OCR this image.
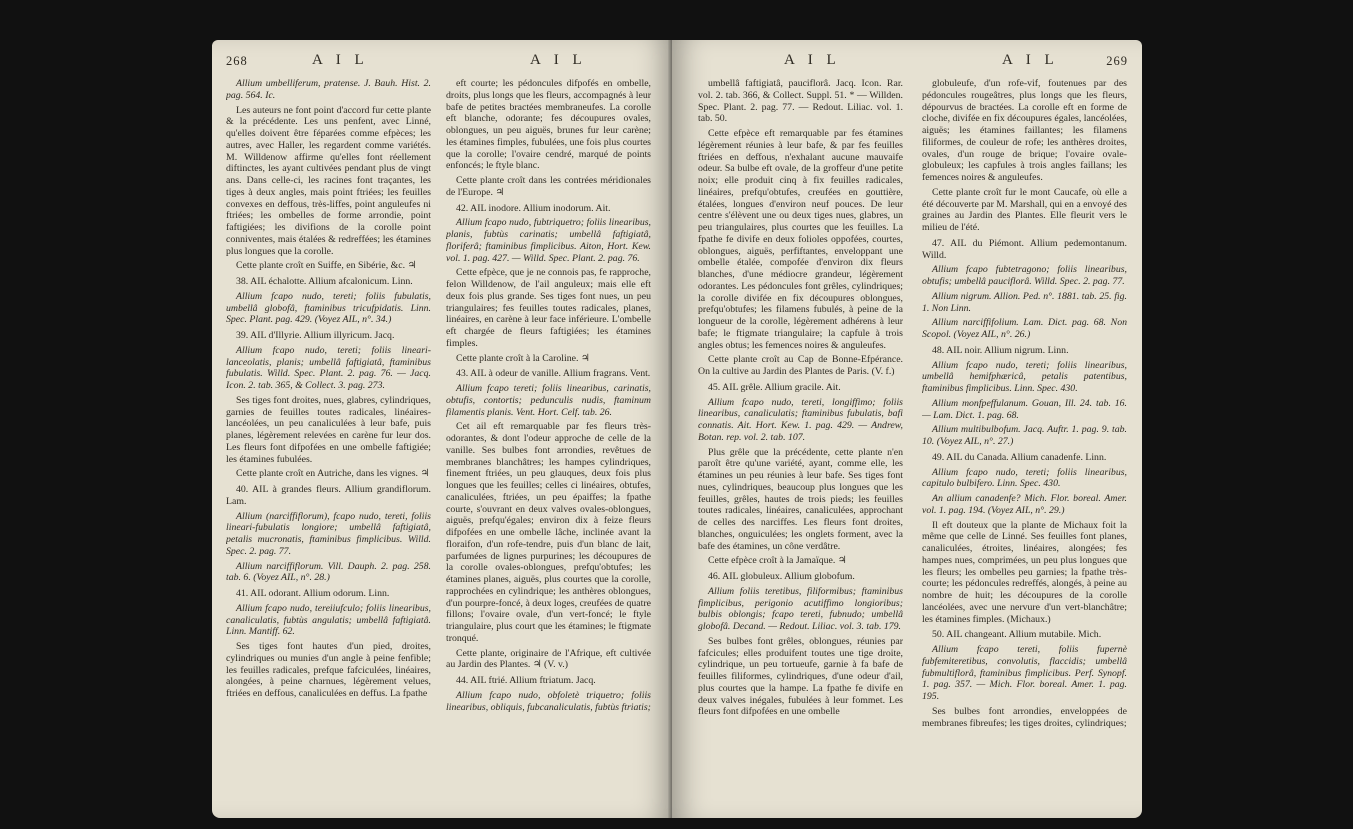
268	A I L	A I L

Allium umbelliferum, pratense. J. Bauh. Hist. 2. pag. 564. Ic.

Les auteurs ne font point d'accord fur cette plante & la précédente. Les uns penfent, avec Linné, qu'elles doivent être féparées comme efpèces; les autres, avec Haller, les regardent comme variétés. M. Willdenow affirme qu'elles font réellement diftinctes, les ayant cultivées pendant plus de vingt ans. Dans celle-ci, les racines font traçantes, les tiges à deux angles, mais point ftriées; les feuilles convexes en deffous, très-liffes, point anguleufes ni ftriées; les ombelles de forme arrondie, point faftigiées; les divifions de la corolle point conniventes, mais étalées & redreffées; les étamines plus longues que la corolle.

Cette plante croît en Suiffe, en Sibérie, &c. ♃

38. AIL échalotte. Allium afcalonicum. Linn.

Allium fcapo nudo, tereti; foliis fubulatis, umbellâ globofâ, ftaminibus tricufpidatis. Linn. Spec. Plant. pag. 429. (Voyez AIL, n°. 34.)

39. AIL d'Illyrie. Allium illyricum. Jacq.

Allium fcapo nudo, tereti; foliis lineari-lanceolatis, planis; umbellâ faftigiatâ, ftaminibus fubulatis. Willd. Spec. Plant. 2. pag. 76. — Jacq. Icon. 2. tab. 365, & Collect. 3. pag. 273.

Ses tiges font droites, nues, glabres, cylindriques, garnies de feuilles toutes radicales, linéaires-lancéolées, un peu canaliculées à leur bafe, puis planes, légèrement relevées en carène fur leur dos. Les fleurs font difpofées en une ombelle faftigiée; les étamines fubulées.

Cette plante croît en Autriche, dans les vignes. ♃

40. AIL à grandes fleurs. Allium grandiflorum. Lam.

Allium (narciffiflorum), fcapo nudo, tereti, foliis lineari-fubulatis longiore; umbellâ faftigiatâ, petalis mucronatis, ftaminibus fimplicibus. Willd. Spec. 2. pag. 77.

Allium narciffiflorum. Vill. Dauph. 2. pag. 258. tab. 6. (Voyez AIL, n°. 28.)

41. AIL odorant. Allium odorum. Linn.

Allium fcapo nudo, tereiiufculo; foliis linearibus, canaliculatis, fubtùs angulatis; umbellâ faftigiatâ. Linn. Mantiff. 62.

Ses tiges font hautes d'un pied, droites, cylindriques ou munies d'un angle à peine fenfible; les feuilles radicales, prefque fafciculées, linéaires, alongées, à peine charnues, légèrement velues, ftriées en deffous, canaliculées en deffus. La fpathe

eft courte; les pédoncules difpofés en ombelle, droits, plus longs que les fleurs, accompagnés à leur bafe de petites bractées membraneufes. La corolle eft blanche, odorante; fes découpures ovales, oblongues, un peu aiguës, brunes fur leur carène; les étamines fimples, fubulées, une fois plus courtes que la corolle; l'ovaire cendré, marqué de points enfoncés; le ftyle blanc.

Cette plante croît dans les contrées méridionales de l'Europe. ♃

42. AIL inodore. Allium inodorum. Ait.

Allium fcapo nudo, fubtriquetro; foliis linearibus, planis, fubtùs carinatis; umbellâ faftigiatâ, floriferâ; ftaminibus fimplicibus. Aiton, Hort. Kew. vol. 1. pag. 427. — Willd. Spec. Plant. 2. pag. 76.

Cette efpèce, que je ne connois pas, fe rapproche, felon Willdenow, de l'ail anguleux; mais elle eft deux fois plus grande. Ses tiges font nues, un peu triangulaires; fes feuilles toutes radicales, planes, linéaires, en carène à leur face inférieure. L'ombelle eft chargée de fleurs faftigiées; les étamines fimples.

Cette plante croît à la Caroline. ♃

43. AIL à odeur de vanille. Allium fragrans. Vent.

Allium fcapo tereti; foliis linearibus, carinatis, obtufis, contortis; pedunculis nudis, ftaminum filamentis planis. Vent. Hort. Celf. tab. 26.

Cet ail eft remarquable par fes fleurs très-odorantes, & dont l'odeur approche de celle de la vanille. Ses bulbes font arrondies, revêtues de membranes blanchâtres; les hampes cylindriques, finement ftriées, un peu glauques, deux fois plus longues que les feuilles; celles ci linéaires, obtufes, canaliculées, ftriées, un peu épaiffes; la fpathe courte, s'ouvrant en deux valves ovales-oblongues, aiguës, prefqu'égales; environ dix à feize fleurs difpofées en une ombelle lâche, inclinée avant la floraifon, d'un rofe-tendre, puis d'un blanc de lait, parfumées de lignes purpurines; les découpures de la corolle ovales-oblongues, prefqu'obtufes; les étamines planes, aiguës, plus courtes que la corolle, rapprochées en cylindrique; les anthères oblongues, d'un pourpre-foncé, à deux loges, creufées de quatre fillons; l'ovaire ovale, d'un vert-foncé; le ftyle triangulaire, plus court que les étamines; le ftigmate tronqué.

Cette plante, originaire de l'Afrique, eft cultivée au Jardin des Plantes. ♃ (V. v.)

44. AIL ftrié. Allium ftriatum. Jacq.

Allium fcapo nudo, obfoletè triquetro; foliis linearibus, obliquis, fubcanaliculatis, fubtùs ftriatis;

A I L	A I L	269

umbellâ faftigiatâ, pauciflorâ. Jacq. Icon. Rar. vol. 2. tab. 366, & Collect. Suppl. 51. * — Willden. Spec. Plant. 2. pag. 77. — Redout. Liliac. vol. 1. tab. 50.

Cette efpèce eft remarquable par fes étamines légèrement réunies à leur bafe, & par fes feuilles ftriées en deffous, n'exhalant aucune mauvaife odeur. Sa bulbe eft ovale, de la groffeur d'une petite noix; elle produit cinq à fix feuilles radicales, linéaires, prefqu'obtufes, creufées en gouttière, étalées, longues d'environ neuf pouces. De leur centre s'élèvent une ou deux tiges nues, glabres, un peu triangulaires, plus courtes que les feuilles. La fpathe fe divife en deux folioles oppofées, courtes, oblongues, aiguës, perfiftantes, enveloppant une ombelle étalée, compofée d'environ dix fleurs blanches, d'une médiocre grandeur, légèrement odorantes. Les pédoncules font grêles, cylindriques; la corolle divifée en fix découpures oblongues, prefqu'obtufes; les filamens fubulés, à peine de la longueur de la corolle, légèrement adhérens à leur bafe; le ftigmate triangulaire; la capfule à trois angles obtus; les femences noires & anguleufes.

Cette plante croît au Cap de Bonne-Efpérance. On la cultive au Jardin des Plantes de Paris. (V. f.)

45. AIL grêle. Allium gracile. Ait.

Allium fcapo nudo, tereti, longiffimo; foliis linearibus, canaliculatis; ftaminibus fubulatis, bafi connatis. Ait. Hort. Kew. 1. pag. 429. — Andrew, Botan. rep. vol. 2. tab. 107.

Plus grêle que la précédente, cette plante n'en paroît être qu'une variété, ayant, comme elle, les étamines un peu réunies à leur bafe. Ses tiges font nues, cylindriques, beaucoup plus longues que les feuilles, grêles, hautes de trois pieds; les feuilles toutes radicales, linéaires, canaliculées, approchant de celles des narciffes. Les fleurs font droites, blanches, onguiculées; les onglets forment, avec la bafe des étamines, un cône verdâtre.

Cette efpèce croît à la Jamaïque. ♃

46. AIL globuleux. Allium globofum.

Allium foliis teretibus, filiformibus; ftaminibus fimplicibus, perigonio acutiffimo longioribus; bulbis oblongis; fcapo tereti, fubnudo; umbellâ globofâ. Decand. — Redout. Liliac. vol. 3. tab. 179.

Ses bulbes font grêles, oblongues, réunies par fafcicules; elles produifent toutes une tige droite, cylindrique, un peu tortueufe, garnie à fa bafe de feuilles filiformes, cylindriques, d'une odeur d'ail, plus courtes que la hampe. La fpathe fe divife en deux valves inégales, fubulées à leur fommet. Les fleurs font difpofées en une ombelle

globuleufe, d'un rofe-vif, foutenues par des pédoncules rougeâtres, plus longs que les fleurs, dépourvus de bractées. La corolle eft en forme de cloche, divifée en fix découpures égales, lancéolées, aiguës; les étamines faillantes; les filamens filiformes, de couleur de rofe; les anthères droites, ovales, d'un rouge de brique; l'ovaire ovale-globuleux; les capfules à trois angles faillans; les femences noires & anguleufes.

Cette plante croît fur le mont Caucafe, où elle a été découverte par M. Marshall, qui en a envoyé des graines au Jardin des Plantes. Elle fleurit vers le milieu de l'été.

47. AIL du Piémont. Allium pedemontanum. Willd.

Allium fcapo fubtetragono; foliis linearibus, obtufis; umbellâ pauciflorâ. Willd. Spec. 2. pag. 77.

Allium nigrum. Allion. Ped. n°. 1881. tab. 25. fig. 1. Non Linn.

Allium narciffifolium. Lam. Dict. pag. 68. Non Scopol. (Voyez AIL, n°. 26.)

48. AIL noir. Allium nigrum. Linn.

Allium fcapo nudo, tereti; foliis linearibus, umbellâ hemifphæricâ, petalis patentibus, ftaminibus fimplicibus. Linn. Spec. 430.

Allium monfpeffulanum. Gouan, Ill. 24. tab. 16. — Lam. Dict. 1. pag. 68.

Allium multibulbofum. Jacq. Auftr. 1. pag. 9. tab. 10. (Voyez AIL, n°. 27.)

49. AIL du Canada. Allium canadenfe. Linn.

Allium fcapo nudo, tereti; foliis linearibus, capitulo bulbifero. Linn. Spec. 430.

An allium canadenfe? Mich. Flor. boreal. Amer. vol. 1. pag. 194. (Voyez AIL, n°. 29.)

Il eft douteux que la plante de Michaux foit la même que celle de Linné. Ses feuilles font planes, canaliculées, étroites, linéaires, alongées; fes hampes nues, comprimées, un peu plus longues que les fleurs; les ombelles peu garnies; la fpathe très-courte; les pédoncules redreffés, alongés, à peine au nombre de huit; les découpures de la corolle lancéolées, avec une nervure d'un vert-blanchâtre; les étamines fimples. (Michaux.)

50. AIL changeant. Allium mutabile. Mich.

Allium fcapo tereti, foliis fupernè fubfemiteretibus, convolutis, flaccidis; umbellâ fubmultiflorâ, ftaminibus fimplicibus. Perf. Synopf. 1. pag. 357. — Mich. Flor. boreal. Amer. 1. pag. 195.

Ses bulbes font arrondies, enveloppées de membranes fibreufes; les tiges droites, cylindriques;
